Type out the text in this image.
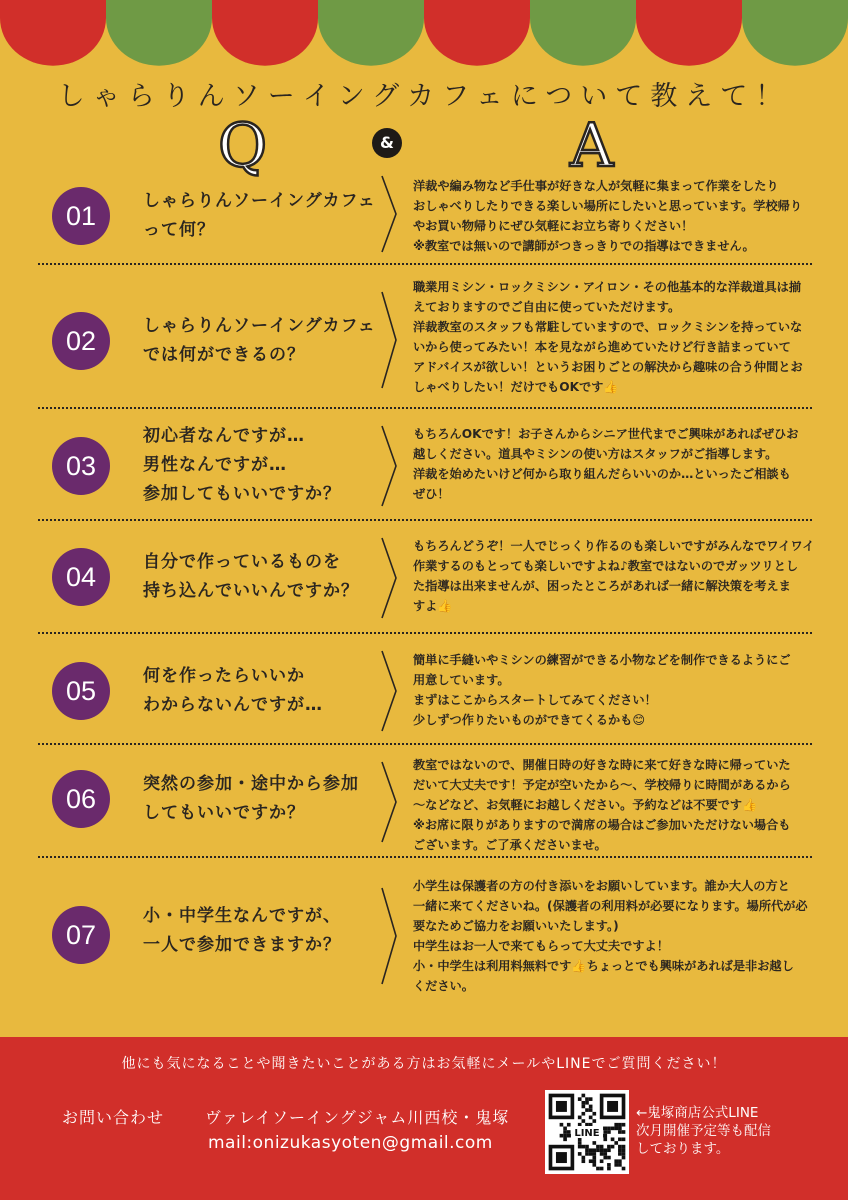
しゃらりんソーイングカフェについて教えて！
Q	&	A
01	しゃらりんソーイングカフェ
って何？
洋裁や編み物など手仕事が好きな人が気軽に集まって作業をしたり
おしゃべりしたりできる楽しい場所にしたいと思っています。学校帰り
やお買い物帰りにぜひ気軽にお立ち寄りください！
※教室では無いので講師がつきっきりでの指導はできません。
02	しゃらりんソーイングカフェ
では何ができるの？
職業用ミシン・ロックミシン・アイロン・その他基本的な洋裁道具は揃
えておりますのでご自由に使っていただけます。
洋裁教室のスタッフも常駐していますので、ロックミシンを持っていな
いから使ってみたい！本を見ながら進めていたけど行き詰まっていて
アドバイスが欲しい！というお困りごとの解決から趣味の合う仲間とお
しゃべりしたい！だけでもOKです👍
03
初心者なんですが…
男性なんですが…
参加してもいいですか？
もちろんOKです！お子さんからシニア世代までご興味があればぜひお
越しください。道具やミシンの使い方はスタッフがご指導します。
洋裁を始めたいけど何から取り組んだらいいのか…といったご相談も
ぜひ！
04	自分で作っているものを
持ち込んでいいんですか？
もちろんどうぞ！一人でじっくり作るのも楽しいですがみんなでワイワイ
作業するのもとっても楽しいですよね♪教室ではないのでガッツリとし
た指導は出来ませんが、困ったところがあれば一緒に解決策を考えま
すよ👍
05	何を作ったらいいか
わからないんですが…
簡単に手縫いやミシンの練習ができる小物などを制作できるようにご
用意しています。
まずはここからスタートしてみてください！
少しずつ作りたいものができてくるかも😊
06	突然の参加・途中から参加
してもいいですか？
教室ではないので、開催日時の好きな時に来て好きな時に帰っていた
だいて大丈夫です！予定が空いたから〜、学校帰りに時間があるから
〜などなど、お気軽にお越しください。予約などは不要です👍
※お席に限りがありますので満席の場合はご参加いただけない場合も
ございます。ご了承くださいませ。
07
小・中学生なんですが、
一人で参加できますか？
小学生は保護者の方の付き添いをお願いしています。誰か大人の方と
一緒に来てくださいね。(保護者の利用料が必要になります。場所代が必
要なためご協力をお願いいたします。)
中学生はお一人で来てもらって大丈夫ですよ！
小・中学生は利用料無料です👍ちょっとでも興味があれば是非お越し
ください。
他にも気になることや聞きたいことがある方はお気軽にメールやLINEでご質問ください！
お問い合わせ	ヴァレイソーイングジャム川西校・鬼塚
mail:onizukasyoten@gmail.com	LINE
←鬼塚商店公式LINE
次月開催予定等も配信
しております。
